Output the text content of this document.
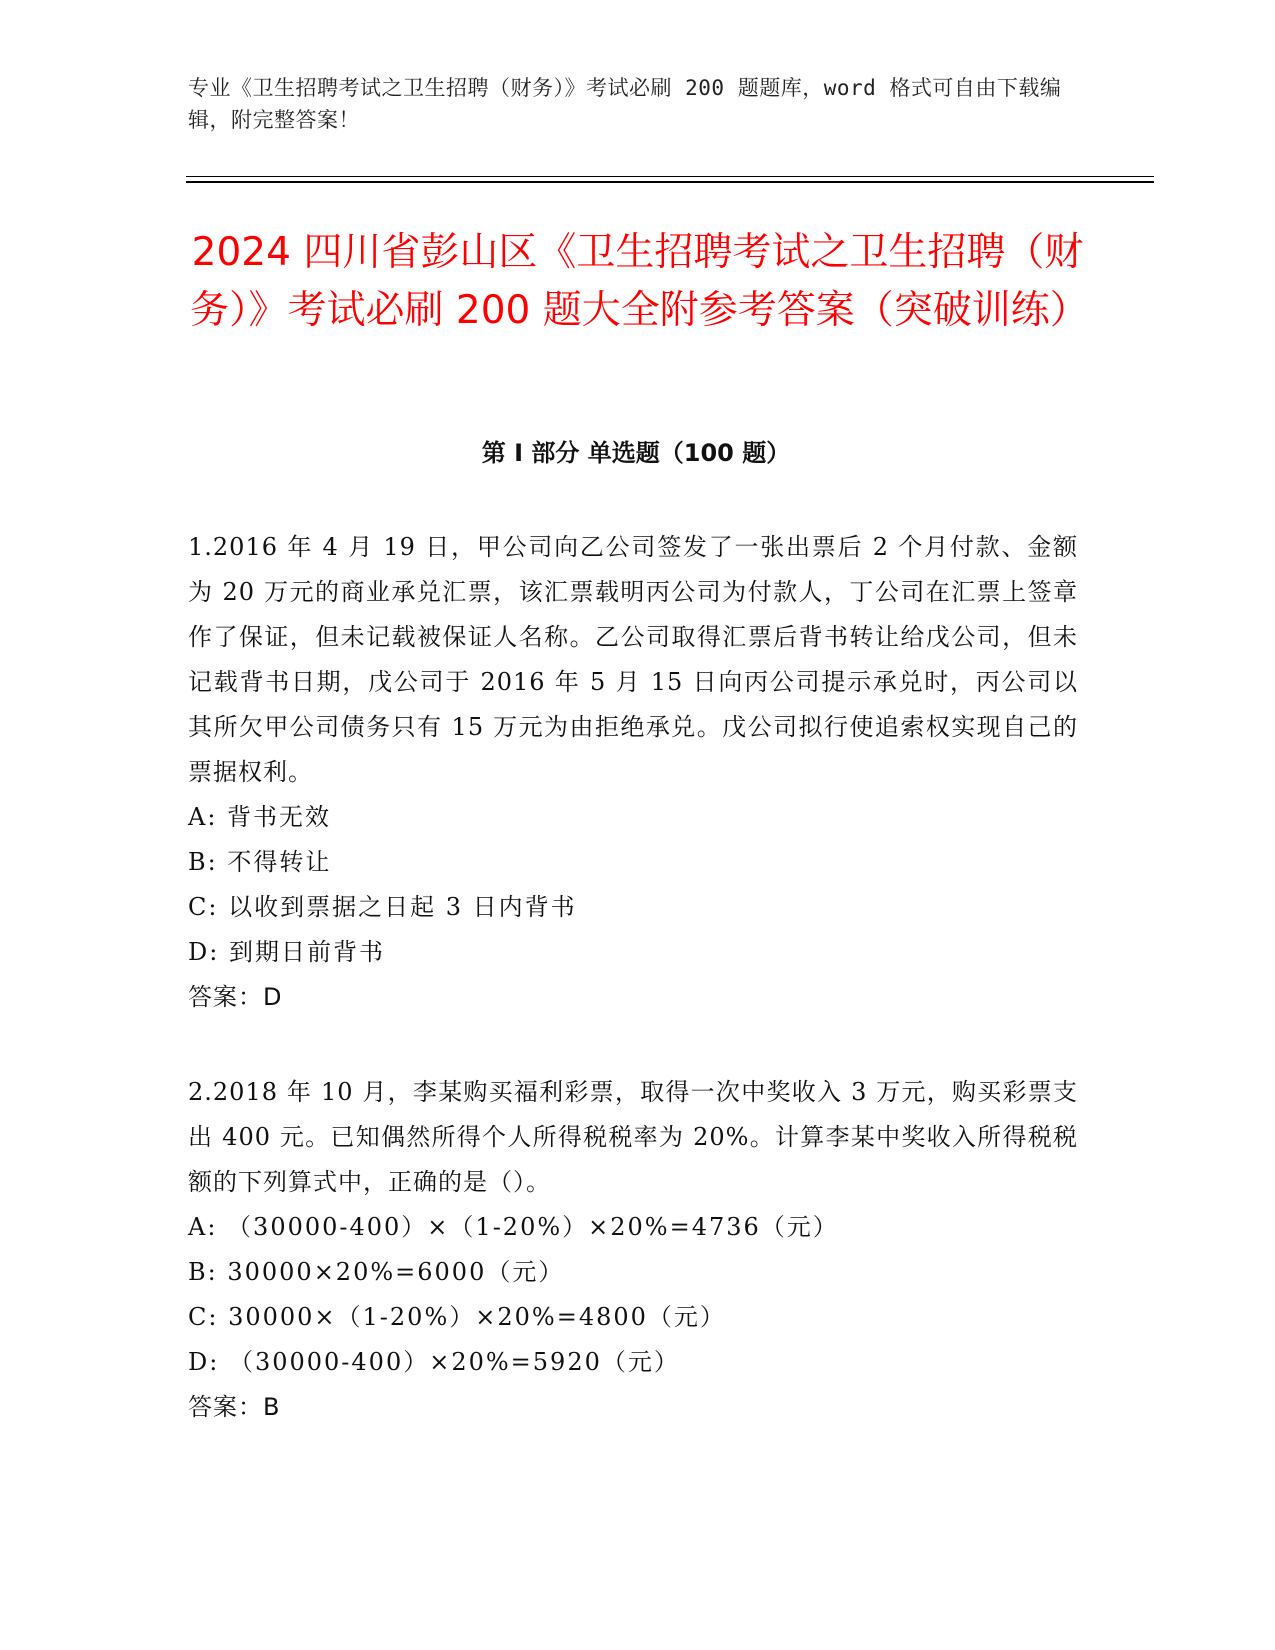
专业《卫生招聘考试之卫生招聘（财务）》考试必刷 200 题题库，word 格式可自由下载编辑，附完整答案！
2024 四川省彭山区《卫生招聘考试之卫生招聘（财务）》考试必刷 200 题大全附参考答案（突破训练）
第 I 部分 单选题（100 题）

1.2016 年 4 月 19 日，甲公司向乙公司签发了一张出票后 2 个月付款、金额为 20 万元的商业承兑汇票，该汇票载明丙公司为付款人，丁公司在汇票上签章作了保证，但未记载被保证人名称。乙公司取得汇票后背书转让给戊公司，但未记载背书日期，戊公司于 2016 年 5 月 15 日向丙公司提示承兑时，丙公司以其所欠甲公司债务只有 15 万元为由拒绝承兑。戊公司拟行使追索权实现自己的票据权利。

A: 背书无效

B: 不得转让

C: 以收到票据之日起 3 日内背书

D: 到期日前背书

答案：D

2.2018 年 10 月，李某购买福利彩票，取得一次中奖收入 3 万元，购买彩票支出 400 元。已知偶然所得个人所得税税率为 20%。计算李某中奖收入所得税税额的下列算式中，正确的是（）。

A: （30000-400）×（1-20%）×20%=4736（元）

B: 30000×20%=6000（元）

C: 30000×（1-20%）×20%=4800（元）

D: （30000-400）×20%=5920（元）

答案：B
